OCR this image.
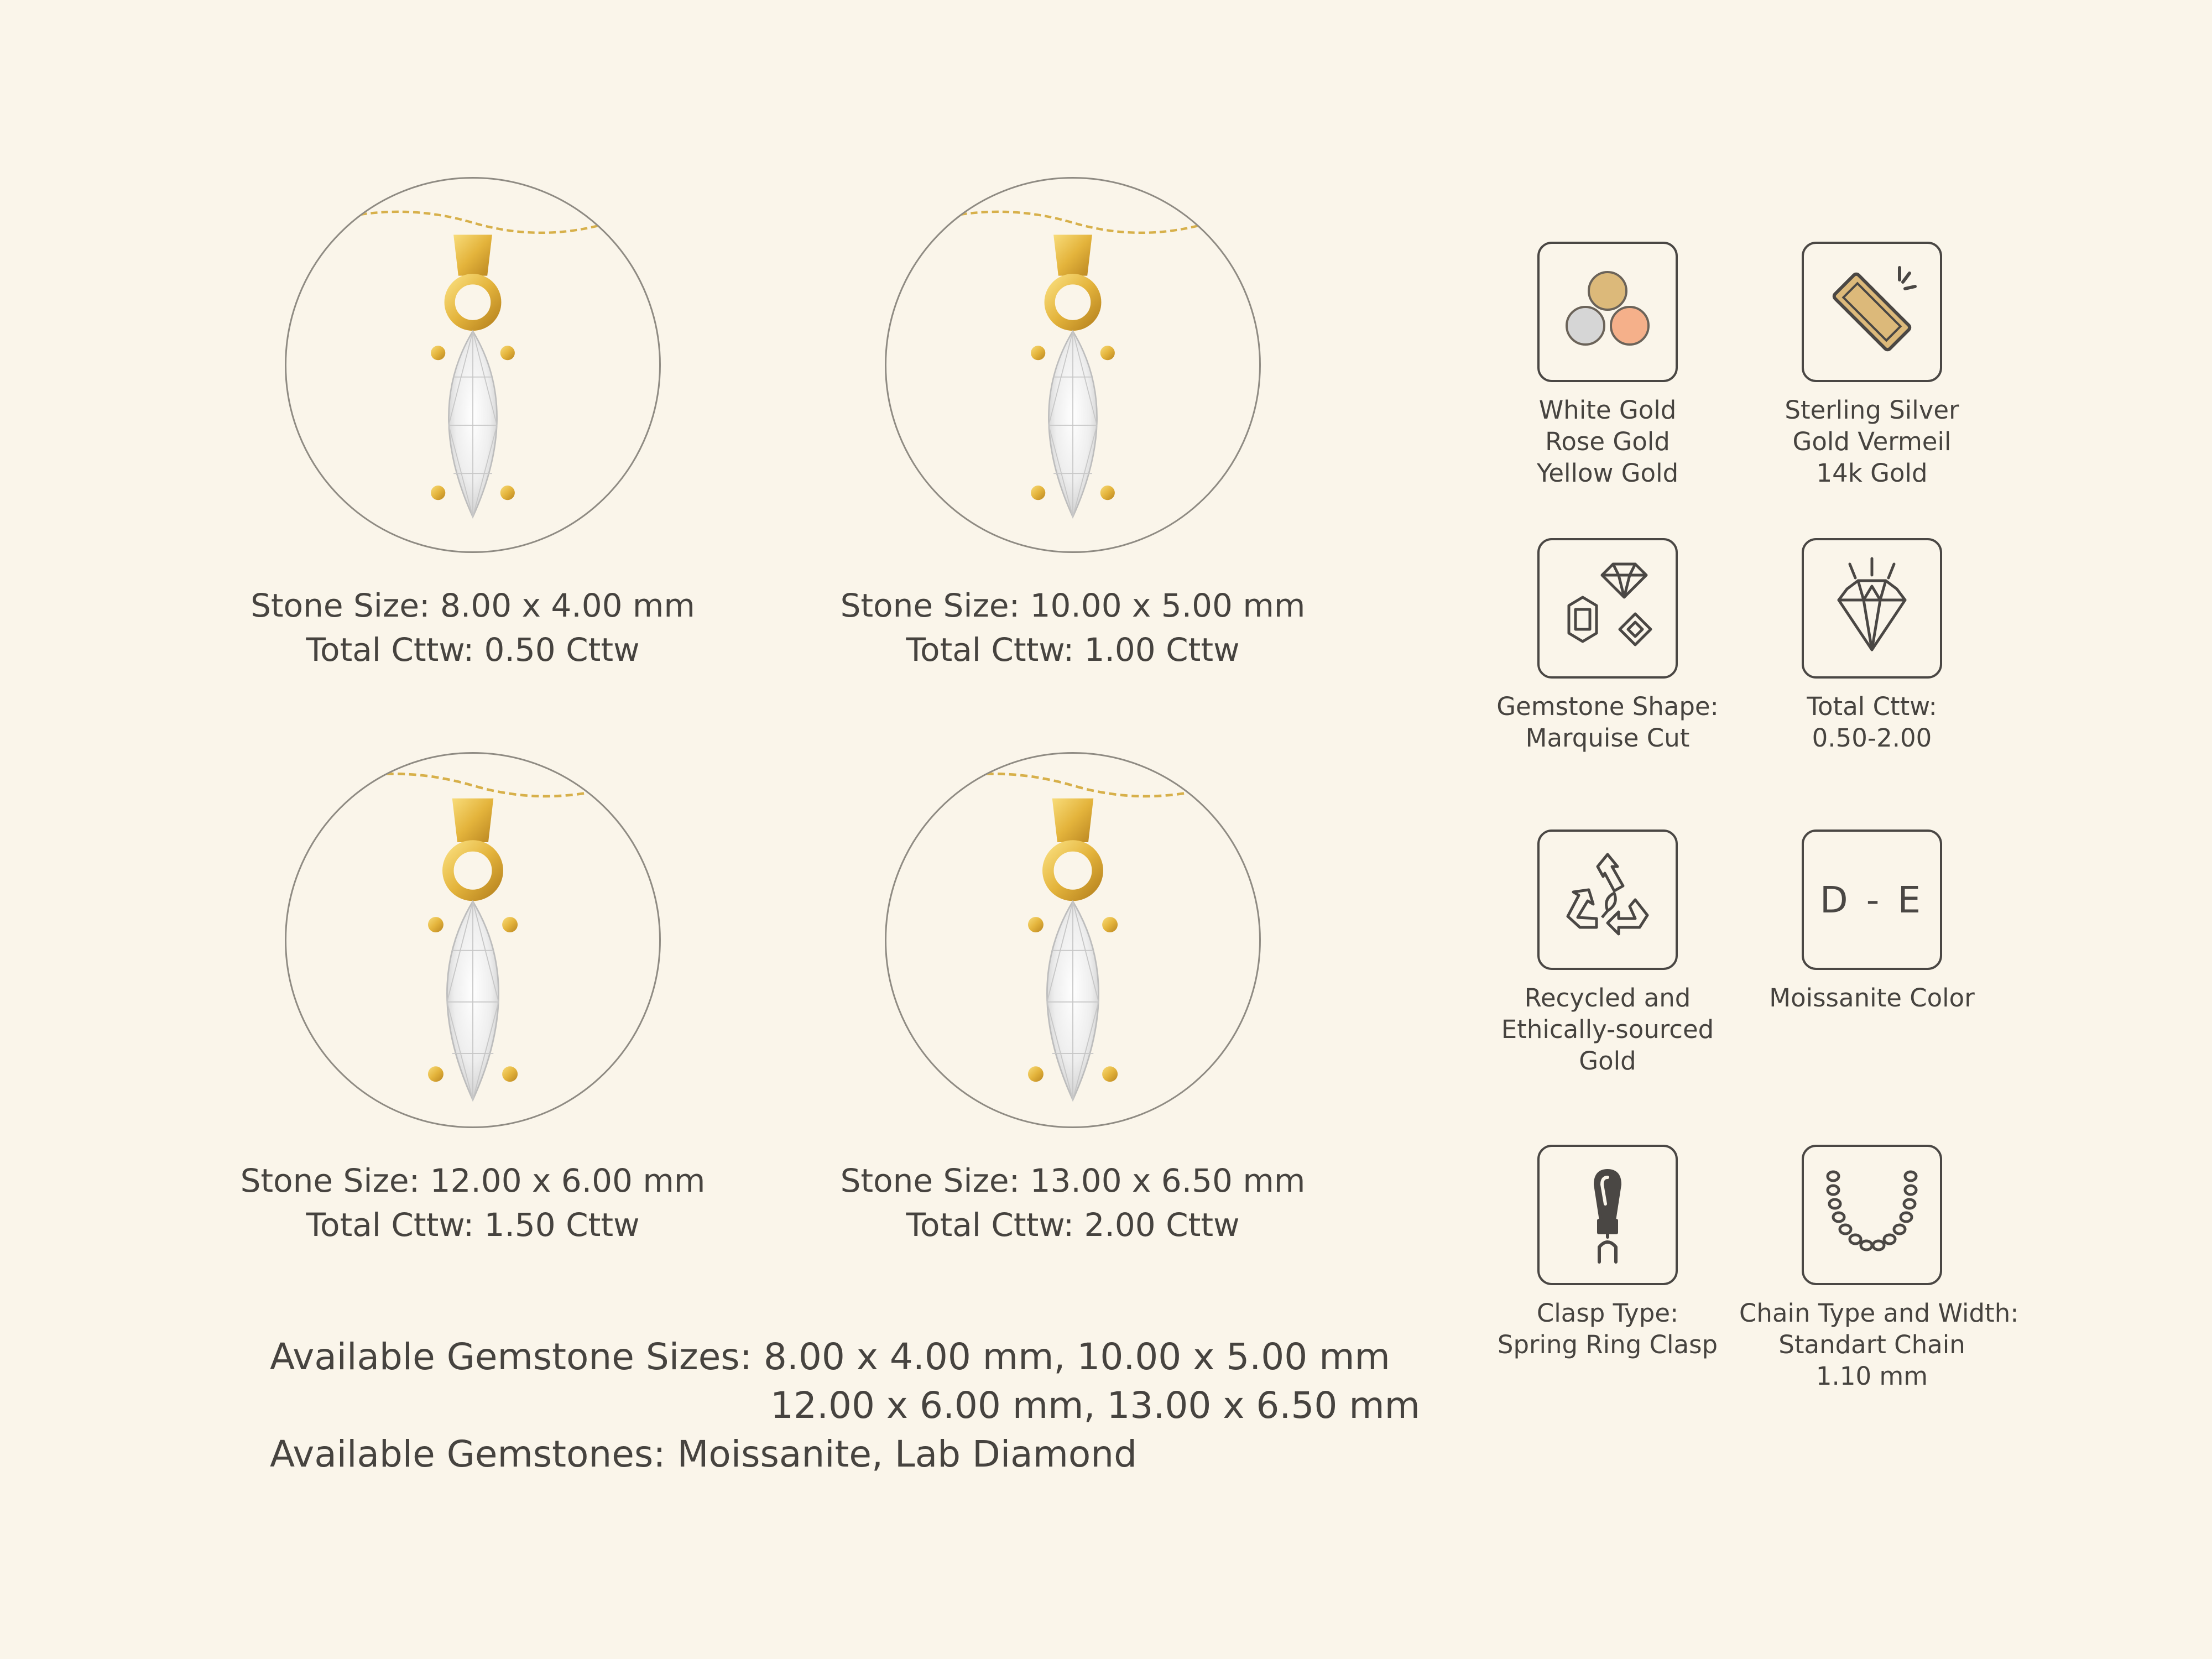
Stone Size: 8.00 x 4.00 mm
Total Cttw: 0.50 Cttw
Stone Size: 10.00 x 5.00 mm
Total Cttw: 1.00 Cttw
Stone Size: 12.00 x 6.00 mm
Total Cttw: 1.50 Cttw
Stone Size: 13.00 x 6.50 mm
Total Cttw: 2.00 Cttw
Available Gemstone Sizes: 8.00 x 4.00 mm, 10.00 x 5.00 mm
12.00 x 6.00 mm, 13.00 x 6.50 mm
Available Gemstones: Moissanite, Lab Diamond
White Gold
Rose Gold
Yellow Gold
Sterling Silver
Gold Vermeil
14k Gold
Gemstone Shape:
Marquise Cut
Total Cttw:
0.50-2.00
Recycled and
Ethically-sourced
Gold
D - E
Moissanite Color
Clasp Type:
Spring Ring Clasp
Chain Type and Width:
Standart Chain
1.10 mm
